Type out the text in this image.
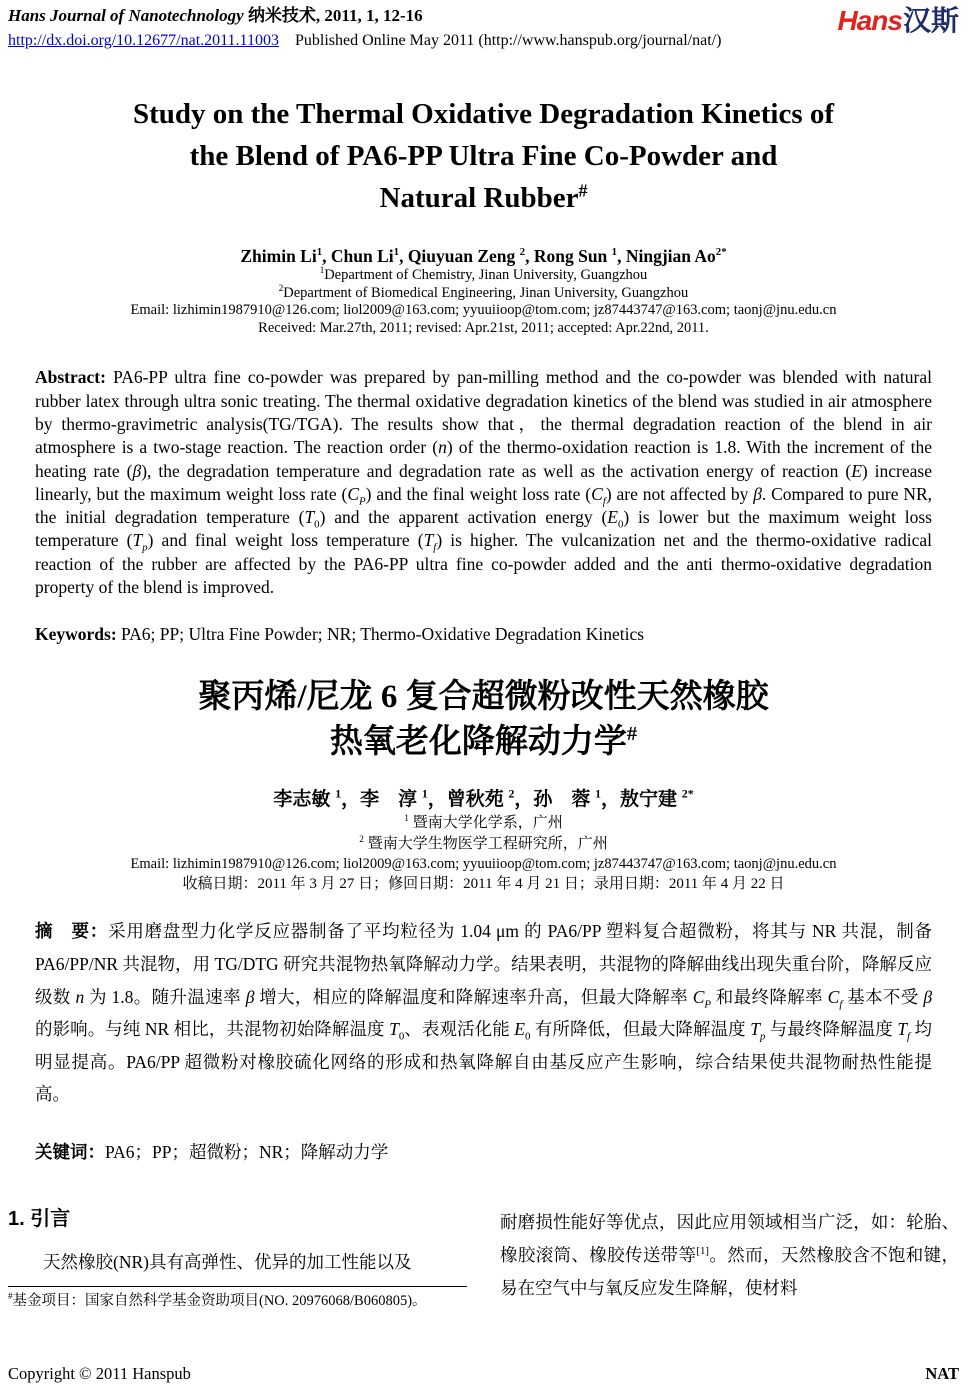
Hans Journal of Nanotechnology 纳米技术, 2011, 1, 12-16
http://dx.doi.org/10.12677/nat.2011.11003 Published Online May 2011 (http://www.hanspub.org/journal/nat/)
Hans汉斯
Study on the Thermal Oxidative Degradation Kinetics of
the Blend of PA6-PP Ultra Fine Co-Powder and
Natural Rubber#
Zhimin Li$^1$, Chun Li$^1$, Qiuyuan Zeng $^2$, Rong Sun $^1$, Ningjian $Ao^{2*}$
$^1$Department of Chemistry, Jinan University, Guangzhou
$^2$Department of Biomedical Engineering, Jinan University, Guangzhou
Email: lizhimin1987910@126.com; liol2009@163.com; yyuuiioop@tom.com; jz87443747@163.com; taonj@jnu.edu.cn
Received: Mar.27th, 2011; revised: Apr.21st, 2011; accepted: Apr.22nd, 2011.

Abstract: PA6-PP ultra fine co-powder was prepared by pan-milling method and the co-powder was blended with natural rubber latex through ultra sonic treating. The thermal oxidative degradation kinetics of the blend was studied in air atmosphere by thermo-gravimetric analysis(TG/TGA). The results show that，the thermal degradation reaction of the blend in air atmosphere is a two-stage reaction. The reaction order (n) of the thermo-oxidation reaction is 1.8. With the increment of the heating rate (β), the degradation temperature and degradation rate as well as the activation energy of reaction (E) increase linearly, but the maximum weight loss rate $(C_P)$ and the final weight loss rate $(C_f)$ are not affected by β. Compared to pure NR, the initial degradation temperature $(T_0)$ and the apparent activation energy $(E_0)$ is lower but the maximum weight loss temperature $(T_p)$ and final weight loss temperature $(T_f)$ is higher. The vulcanization net and the thermo-oxidative radical reaction of the rubber are affected by the PA6-PP ultra fine co-powder added and the anti thermo-oxidative degradation property of the blend is improved.

Keywords: PA6; PP; Ultra Fine Powder; NR; Thermo-Oxidative Degradation Kinetics

聚丙烯/尼龙 6 复合超微粉改性天然橡胶
热氧老化降解动力学#
李志敏 $^1$，李　淳 $^1$，曾秋苑 $^2$，孙　蓉 $^1$，敖宁建 $^{2*}$
$^1$ 暨南大学化学系，广州
$^2$ 暨南大学生物医学工程研究所，广州
Email: lizhimin1987910@126.com; liol2009@163.com; yyuuiioop@tom.com; jz87443747@163.com; taonj@jnu.edu.cn
收稿日期：2011 年 3 月 27 日；修回日期：2011 年 4 月 21 日；录用日期：2011 年 4 月 22 日

摘　要：采用磨盘型力化学反应器制备了平均粒径为 1.04 μm 的 PA6/PP 塑料复合超微粉，将其与 NR 共混，制备 PA6/PP/NR 共混物，用 TG/DTG 研究共混物热氧降解动力学。结果表明，共混物的降解曲线出现失重台阶，降解反应级数 n 为 1.8。随升温速率 β 增大，相应的降解温度和降解速率升高，但最大降解率 $C_P$ 和最终降解率 $C_f$ 基本不受 β 的影响。与纯 NR 相比，共混物初始降解温度 $T_0$、表观活化能 $E_0$ 有所降低，但最大降解温度 $T_p$ 与最终降解温度 $T_f$ 均明显提高。PA6/PP 超微粉对橡胶硫化网络的形成和热氧降解自由基反应产生影响，综合结果使共混物耐热性能提高。

关键词：PA6；PP；超微粉；NR；降解动力学

1. 引言

天然橡胶(NR)具有高弹性、优异的加工性能以及

#基金项目：国家自然科学基金资助项目(NO. 20976068/B060805)。

耐磨损性能好等优点，因此应用领域相当广泛，如：轮胎、橡胶滚筒、橡胶传送带等[1]。然而，天然橡胶含不饱和键，易在空气中与氧反应发生降解，使材料

Copyright © 2011 Hanspub	NAT
